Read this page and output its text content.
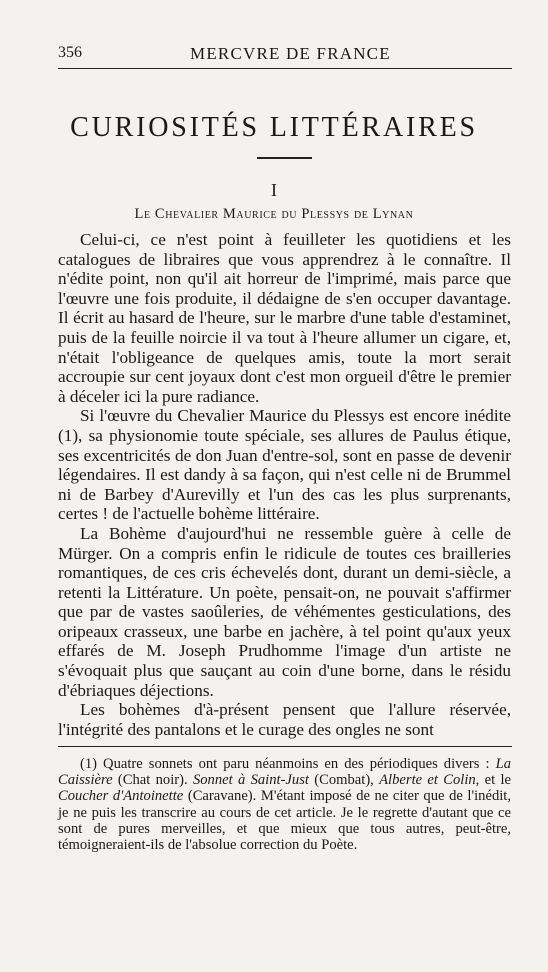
356	MERCVRE DE FRANCE
CURIOSITÉS LITTÉRAIRES
I
Le Chevalier Maurice du Plessys de Lynan

Celui-ci, ce n'est point à feuilleter les quotidiens et les catalogues de libraires que vous apprendrez à le connaître. Il n'édite point, non qu'il ait horreur de l'imprimé, mais parce que l'œuvre une fois produite, il dédaigne de s'en occuper davantage. Il écrit au hasard de l'heure, sur le marbre d'une table d'estaminet, puis de la feuille noircie il va tout à l'heure allumer un cigare, et, n'était l'obligeance de quelques amis, toute la mort serait accroupie sur cent joyaux dont c'est mon orgueil d'être le premier à déceler ici la pure radiance.

Si l'œuvre du Chevalier Maurice du Plessys est encore inédite (1), sa physionomie toute spéciale, ses allures de Paulus étique, ses excentricités de don Juan d'entre-sol, sont en passe de devenir légendaires. Il est dandy à sa façon, qui n'est celle ni de Brummel ni de Barbey d'Aurevilly et l'un des cas les plus surprenants, certes ! de l'actuelle bohème littéraire.

La Bohème d'aujourd'hui ne ressemble guère à celle de Mürger. On a compris enfin le ridicule de toutes ces brailleries romantiques, de ces cris échevelés dont, durant un demi-siècle, a retenti la Littérature. Un poète, pensait-on, ne pouvait s'affirmer que par de vastes saoûleries, de véhémentes gesticulations, des oripeaux crasseux, une barbe en jachère, à tel point qu'aux yeux effarés de M. Joseph Prudhomme l'image d'un artiste ne s'évoquait plus que sauçant au coin d'une borne, dans le résidu d'ébriaques déjections.

Les bohèmes d'à-présent pensent que l'allure réservée, l'intégrité des pantalons et le curage des ongles ne sont

(1) Quatre sonnets ont paru néanmoins en des périodiques divers : La Caissière (Chat noir). Sonnet à Saint-Just (Combat), Alberte et Colin, et le Coucher d'Antoinette (Caravane). M'étant imposé de ne citer que de l'inédit, je ne puis les transcrire au cours de cet article. Je le regrette d'autant que ce sont de pures merveilles, et que mieux que tous autres, peut-être, témoigneraient-ils de l'absolue correction du Poète.
